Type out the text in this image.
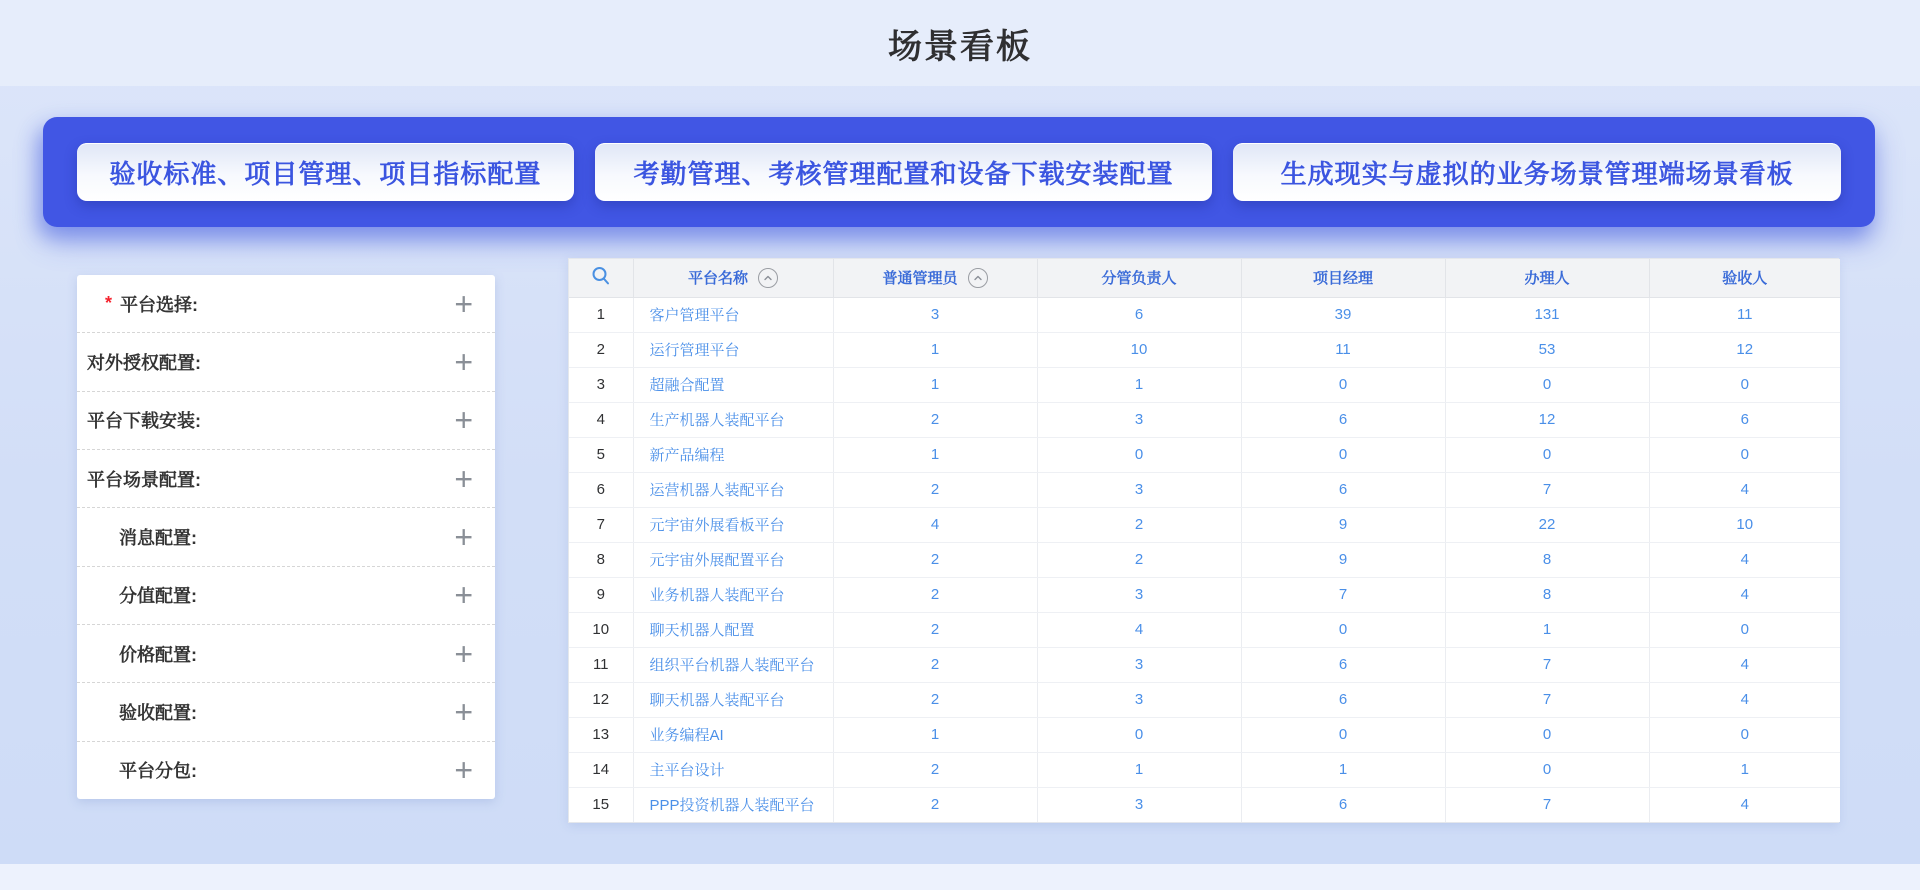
场景看板
验收标准、项目管理、项目指标配置	考勤管理、考核管理配置和设备下载安装配置	生成现实与虚拟的业务场景管理端场景看板
* 平台选择:	+
对外授权配置:	+
平台下载安装:	+
平台场景配置:	+
消息配置:	+
分值配置:	+
价格配置:	+
验收配置:	+
平台分包:	+

平台名称	普通管理员	分管负责人	项目经理	办理人	验收人
1	客户管理平台	3	6	39	131	11
2	运行管理平台	1	10	11	53	12
3	超融合配置	1	1	0	0	0
4	生产机器人装配平台	2	3	6	12	6
5	新产品编程	1	0	0	0	0
6	运营机器人装配平台	2	3	6	7	4
7	元宇宙外展看板平台	4	2	9	22	10
8	元宇宙外展配置平台	2	2	9	8	4
9	业务机器人装配平台	2	3	7	8	4
10	聊天机器人配置	2	4	0	1	0
11	组织平台机器人装配平台	2	3	6	7	4
12	聊天机器人装配平台	2	3	6	7	4
13	业务编程AI	1	0	0	0	0
14	主平台设计	2	1	1	0	1
15	PPP投资机器人装配平台	2	3	6	7	4
